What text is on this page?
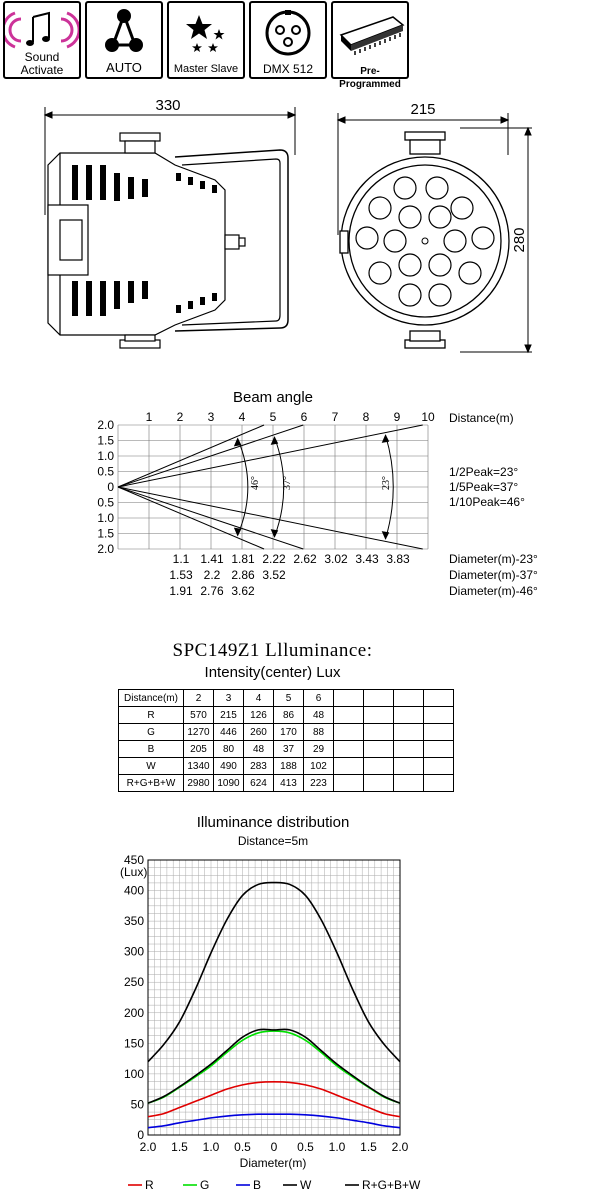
Sound Activate	AUTO	Master Slave	DMX 512	Pre-Programmed
330	215
280
Beam angle
1 2 3 4 5 6 7 8 9 10
2.0
1.5
1.0
0.5
0
0.5
1.0
1.5
2.0
1.1 1.41 1.81 2.22 2.62 3.02 3.43 3.83	Diameter(m)-23°
1.53 2.2 2.86 3.52	Diameter(m)-37°
1.91 2.76 3.62	Diameter(m)-46°
Distance(m)
1/2Peak=23°
1/5Peak=37°
1/10Peak=46°
46° 37°	23°
SPC149Z1 Llluminance:
Intensity(center) Lux
Distance(m)	2	3	4	5	6				
R	570	215	126	86	48				
G	1270	446	260	170	88				
B	205	80	48	37	29				
W	1340	490	283	188	102				
R+G+B+W	2980	1090	624	413	223				
Illuminance distribution
Distance=5m
(Lux)
Diameter(m)
0
50
100
150
200
250
300
350
400
450
2.0 1.5 1.0 0.5 0 0.5 1.0 1.5 2.0
R	G	B	W	R+G+B+W
